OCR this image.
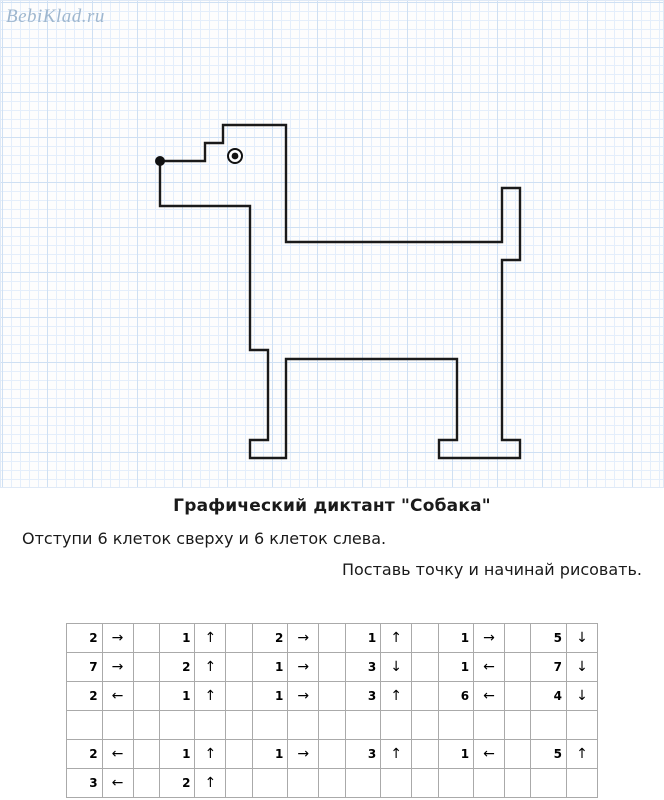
BebiKlad.ru
Графический диктант "Собака"
Отступи 6 клеток сверху и 6 клеток слева.
Поставь точку и начинай рисовать.
2	→		1	↑		2	→		1	↑		1	→		5	↓
7	→		2	↑		1	→		3	↓		1	←		7	↓
2	←		1	↑		1	→		3	↑		6	←		4	↓

2	←		1	↑		1	→		3	↑		1	←		5	↑
3	←		2	↑												
